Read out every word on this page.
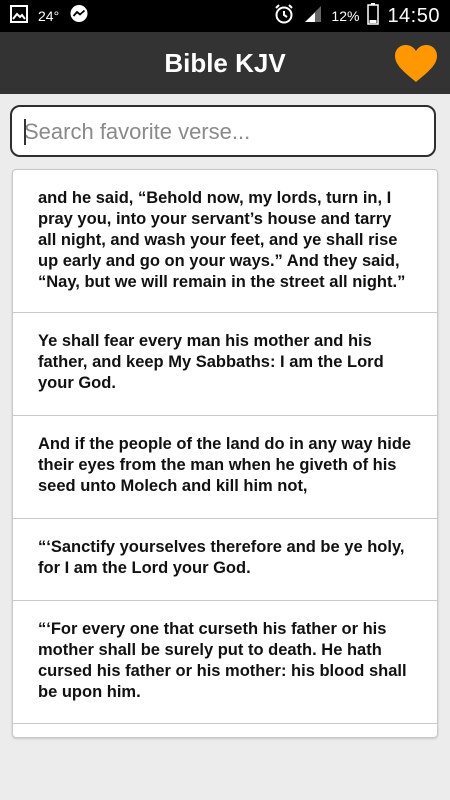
24°	12% 14:50
Bible KJV
Search favorite verse...
and he said, “Behold now, my lords, turn in, I pray you, into your servant’s house and tarry all night, and wash your feet, and ye shall rise up early and go on your ways.” And they said, “Nay, but we will remain in the street all night.”
Ye shall fear every man his mother and his father, and keep My Sabbaths: I am the Lord your God.
And if the people of the land do in any way hide their eyes from the man when he giveth of his seed unto Molech and kill him not,
“‘Sanctify yourselves therefore and be ye holy, for I am the Lord your God.
“‘For every one that curseth his father or his mother shall be surely put to death. He hath cursed his father or his mother: his blood shall be upon him.
